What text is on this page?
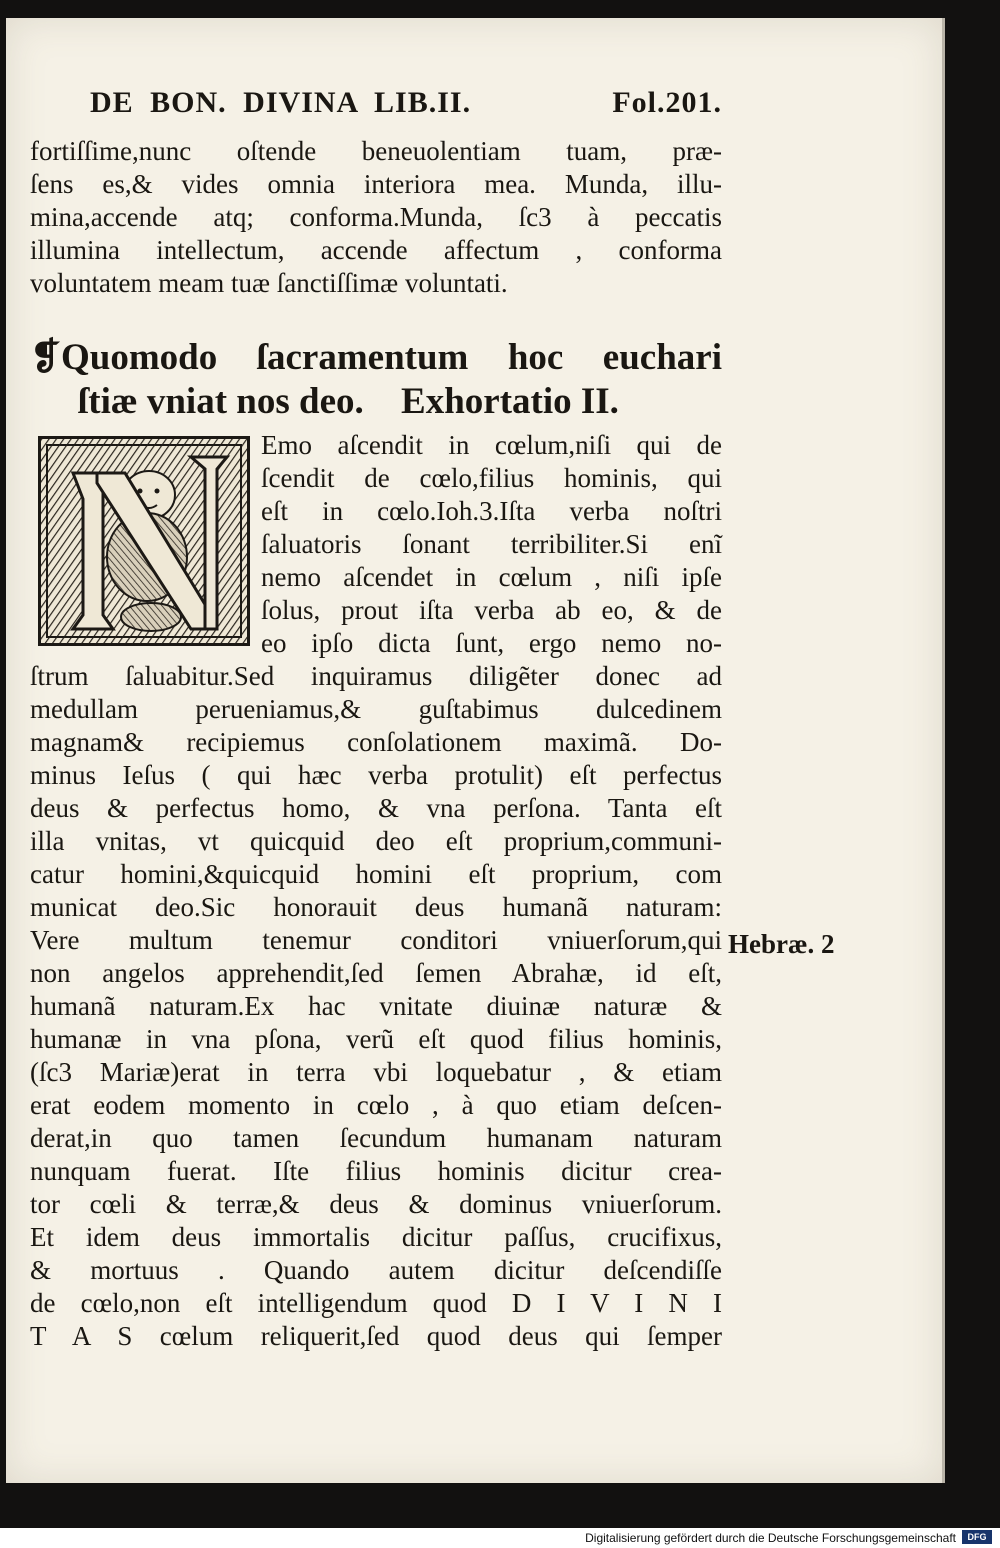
DE BON. DIVINA LIB.II.	Fol.201.
fortiſſime,nunc oſtende beneuolentiam tuam, præ-
ſens es,& vides omnia interiora mea. Munda, illu-
mina,accende atq; conforma.Munda, ſc3 à peccatis
illumina intellectum, accende affectum , conforma
voluntatem meam tuæ ſanctiſſimæ voluntati.
❡Quomodo ſacramentum hoc euchari
ſtiæ vniat nos deo. Exhortatio II.
Emo aſcendit in cœlum,niſi qui de
ſcendit de cœlo,filius hominis, qui
eſt in cœlo.Ioh.3.Iſta verba noſtri
ſaluatoris ſonant terribiliter.Si enĩ
nemo aſcendet in cœlum , niſi ipſe
ſolus, prout iſta verba ab eo, & de
eo ipſo dicta ſunt, ergo nemo no-
ſtrum ſaluabitur.Sed inquiramus diligẽter donec ad
medullam perueniamus,& guſtabimus dulcedinem
magnam& recipiemus conſolationem maximã. Do-
minus Ieſus ( qui hæc verba protulit) eſt perfectus
deus & perfectus homo, & vna perſona. Tanta eſt
illa vnitas, vt quicquid deo eſt proprium,communi-
catur homini,&quicquid homini eſt proprium, com
municat deo.Sic honorauit deus humanã naturam:
Vere multum tenemur conditori vniuerſorum,qui
non angelos apprehendit,ſed ſemen Abrahæ, id eſt,
humanã naturam.Ex hac vnitate diuinæ naturæ &
humanæ in vna pſona, verũ eſt quod filius hominis,
(ſc3 Mariæ)erat in terra vbi loquebatur , & etiam
erat eodem momento in cœlo , à quo etiam deſcen-
derat,in quo tamen ſecundum humanam naturam
nunquam fuerat. Iſte filius hominis dicitur crea-
tor cœli & terræ,& deus & dominus vniuerſorum.
Et idem deus immortalis dicitur paſſus, crucifixus,
& mortuus . Quando autem dicitur deſcendiſſe
de cœlo,non eſt intelligendum quod D I V I N I
T A S cœlum reliquerit,ſed quod deus qui ſemper
Hebræ. 2
Digitalisierung gefördert durch die Deutsche Forschungsgemeinschaft	DFG
